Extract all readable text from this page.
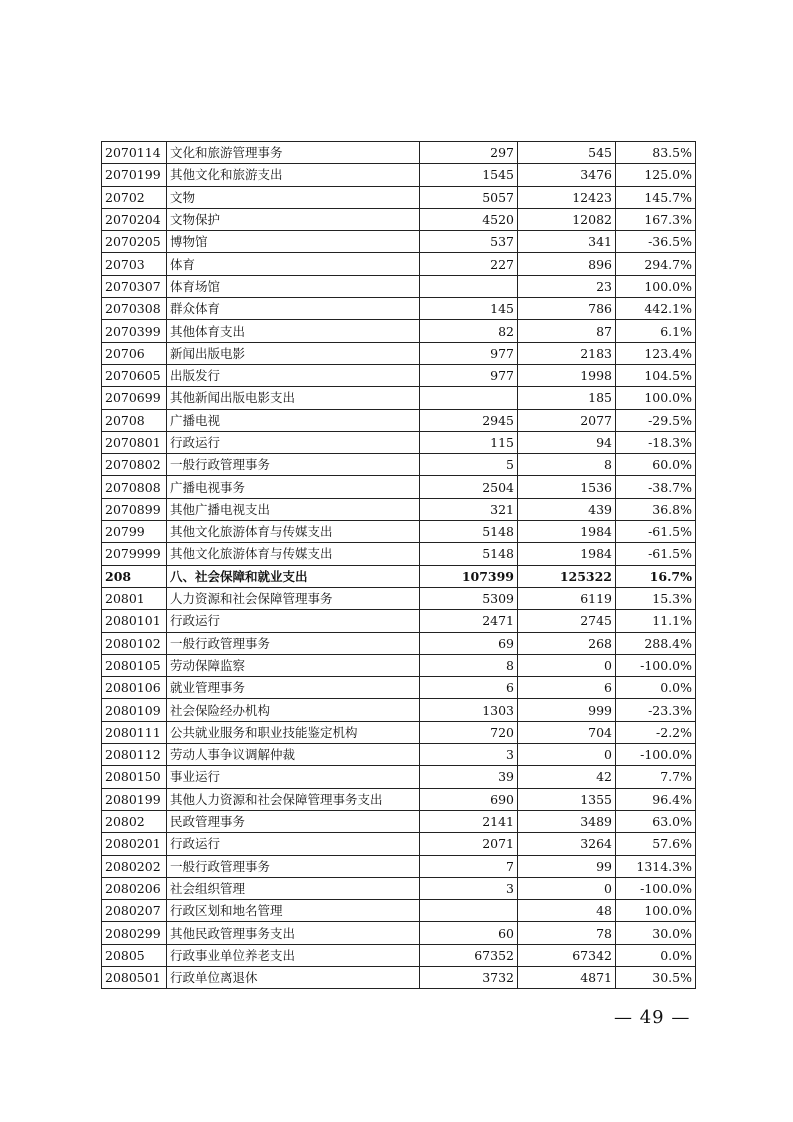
2070114	文化和旅游管理事务	297	545	83.5%
2070199	其他文化和旅游支出	1545	3476	125.0%
20702	文物	5057	12423	145.7%
2070204	文物保护	4520	12082	167.3%
2070205	博物馆	537	341	-36.5%
20703	体育	227	896	294.7%
2070307	体育场馆		23	100.0%
2070308	群众体育	145	786	442.1%
2070399	其他体育支出	82	87	6.1%
20706	新闻出版电影	977	2183	123.4%
2070605	出版发行	977	1998	104.5%
2070699	其他新闻出版电影支出		185	100.0%
20708	广播电视	2945	2077	-29.5%
2070801	行政运行	115	94	-18.3%
2070802	一般行政管理事务	5	8	60.0%
2070808	广播电视事务	2504	1536	-38.7%
2070899	其他广播电视支出	321	439	36.8%
20799	其他文化旅游体育与传媒支出	5148	1984	-61.5%
2079999	其他文化旅游体育与传媒支出	5148	1984	-61.5%
208	八、社会保障和就业支出	107399	125322	16.7%
20801	人力资源和社会保障管理事务	5309	6119	15.3%
2080101	行政运行	2471	2745	11.1%
2080102	一般行政管理事务	69	268	288.4%
2080105	劳动保障监察	8	0	-100.0%
2080106	就业管理事务	6	6	0.0%
2080109	社会保险经办机构	1303	999	-23.3%
2080111	公共就业服务和职业技能鉴定机构	720	704	-2.2%
2080112	劳动人事争议调解仲裁	3	0	-100.0%
2080150	事业运行	39	42	7.7%
2080199	其他人力资源和社会保障管理事务支出	690	1355	96.4%
20802	民政管理事务	2141	3489	63.0%
2080201	行政运行	2071	3264	57.6%
2080202	一般行政管理事务	7	99	1314.3%
2080206	社会组织管理	3	0	-100.0%
2080207	行政区划和地名管理		48	100.0%
2080299	其他民政管理事务支出	60	78	30.0%
20805	行政事业单位养老支出	67352	67342	0.0%
2080501	行政单位离退休	3732	4871	30.5%
— 49 —
